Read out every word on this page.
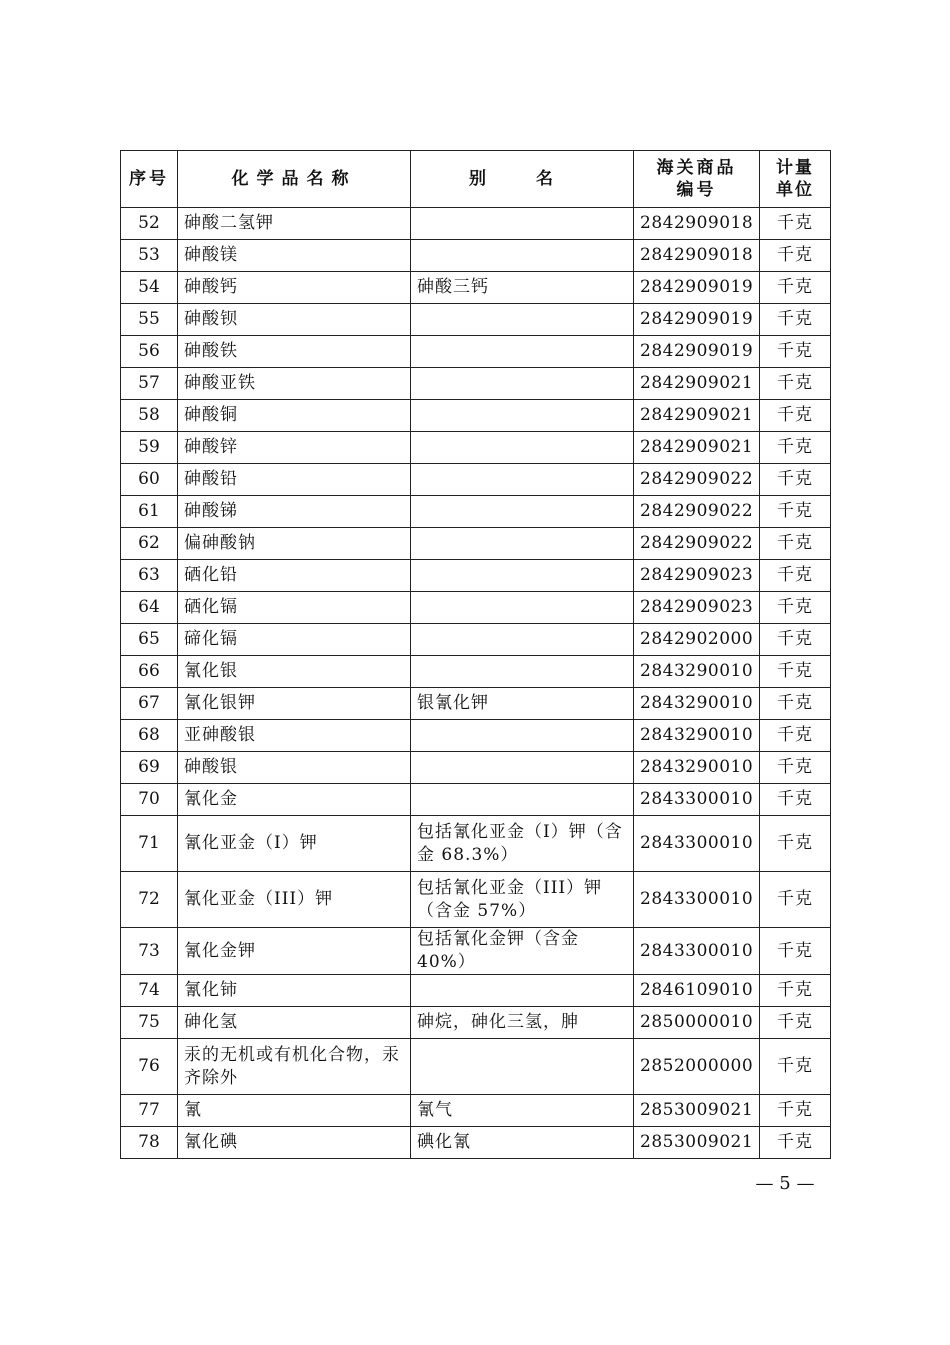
序号	化学品名称	别 名	海关商品编号	计量单位

52	砷酸二氢钾		2842909018	千克
53	砷酸镁		2842909018	千克
54	砷酸钙	砷酸三钙	2842909019	千克
55	砷酸钡		2842909019	千克
56	砷酸铁		2842909019	千克
57	砷酸亚铁		2842909021	千克
58	砷酸铜		2842909021	千克
59	砷酸锌		2842909021	千克
60	砷酸铅		2842909022	千克
61	砷酸锑		2842909022	千克
62	偏砷酸钠		2842909022	千克
63	硒化铅		2842909023	千克
64	硒化镉		2842909023	千克
65	碲化镉		2842902000	千克
66	氰化银		2843290010	千克
67	氰化银钾	银氰化钾	2843290010	千克
68	亚砷酸银		2843290010	千克
69	砷酸银		2843290010	千克
70	氰化金		2843300010	千克
71	氰化亚金（I）钾	包括氰化亚金（I）钾（含金 68.3%）	2843300010	千克
72	氰化亚金（III）钾	包括氰化亚金（III）钾（含金 57%）	2843300010	千克
73	氰化金钾	包括氰化金钾（含金 40%）	2843300010	千克
74	氰化铈		2846109010	千克
75	砷化氢	砷烷，砷化三氢，胂	2850000010	千克
76	汞的无机或有机化合物，汞齐除外		2852000000	千克
77	氰	氰气	2853009021	千克
78	氰化碘	碘化氰	2853009021	千克
— 5 —
